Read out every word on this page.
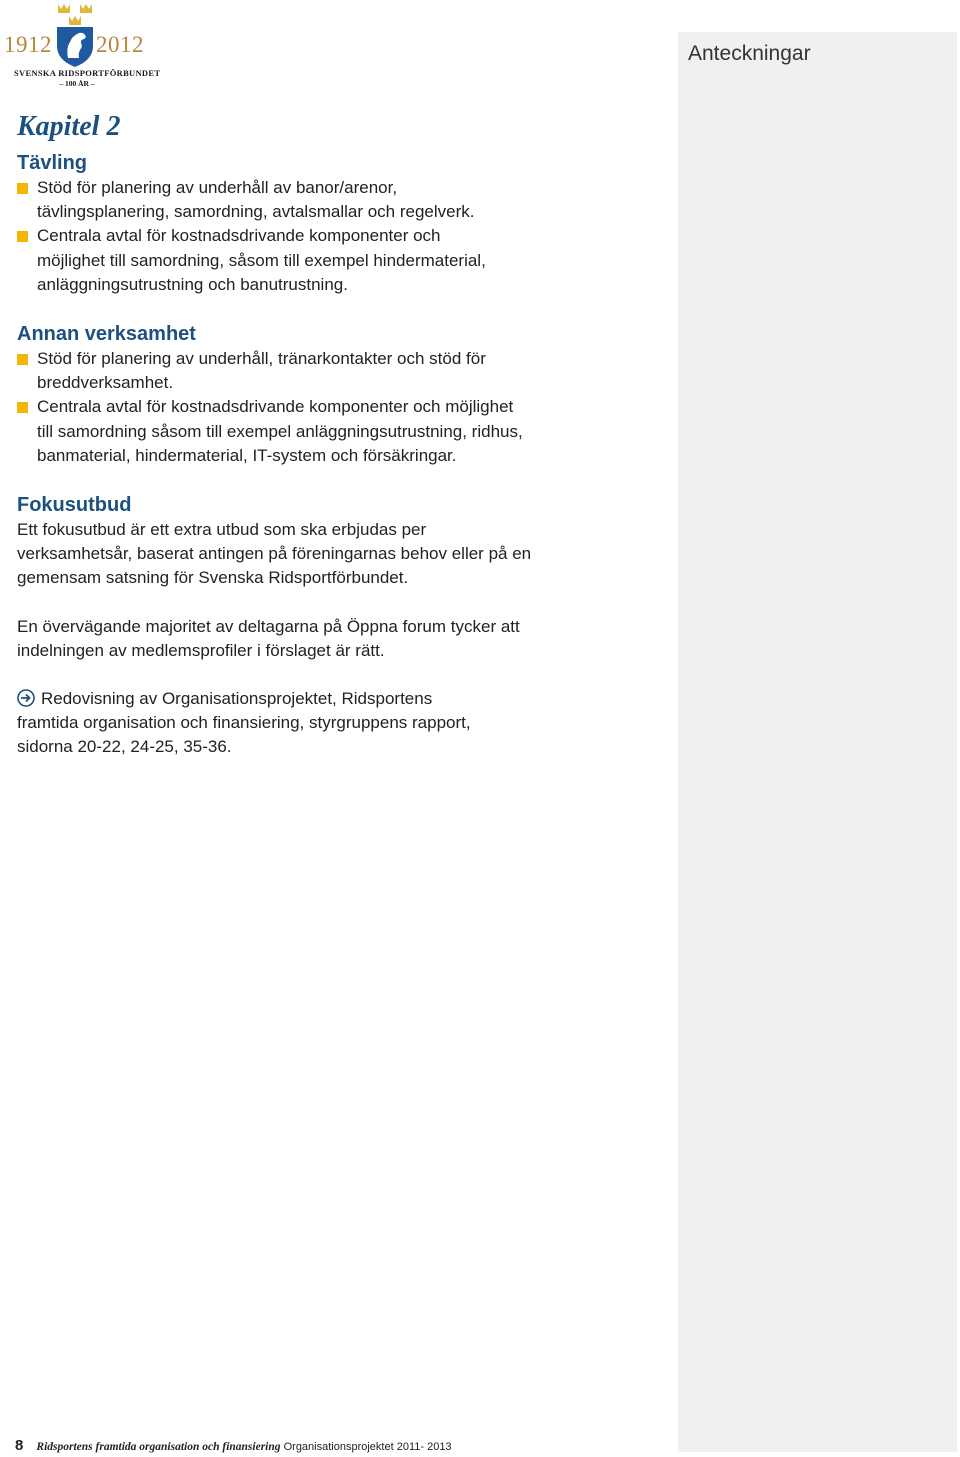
1912 2012
SVENSKA RIDSPORTFÖRBUNDET
– 100 ÅR –
Anteckningar
Kapitel 2
Tävling
Stöd för planering av underhåll av banor/arenor,
tävlingsplanering, samordning, avtalsmallar och regelverk.
Centrala avtal för kostnadsdrivande komponenter och
möjlighet till samordning, såsom till exempel hindermaterial,
anläggningsutrustning och banutrustning.
Annan verksamhet
Stöd för planering av underhåll, tränarkontakter och stöd för
breddverksamhet.
Centrala avtal för kostnadsdrivande komponenter och möjlighet
till samordning såsom till exempel anläggningsutrustning, ridhus,
banmaterial, hindermaterial, IT-system och försäkringar.
Fokusutbud

Ett fokusutbud är ett extra utbud som ska erbjudas per
verksamhetsår, baserat antingen på föreningarnas behov eller på en
gemensam satsning för Svenska Ridsportförbundet.

En övervägande majoritet av deltagarna på Öppna forum tycker att
indelningen av medlemsprofiler i förslaget är rätt.

Redovisning av Organisationsprojektet, Ridsportens
framtida organisation och finansiering, styrgruppens rapport,
sidorna 20-22, 24-25, 35-36.

8 Ridsportens framtida organisation och finansiering Organisationsprojektet 2011- 2013
